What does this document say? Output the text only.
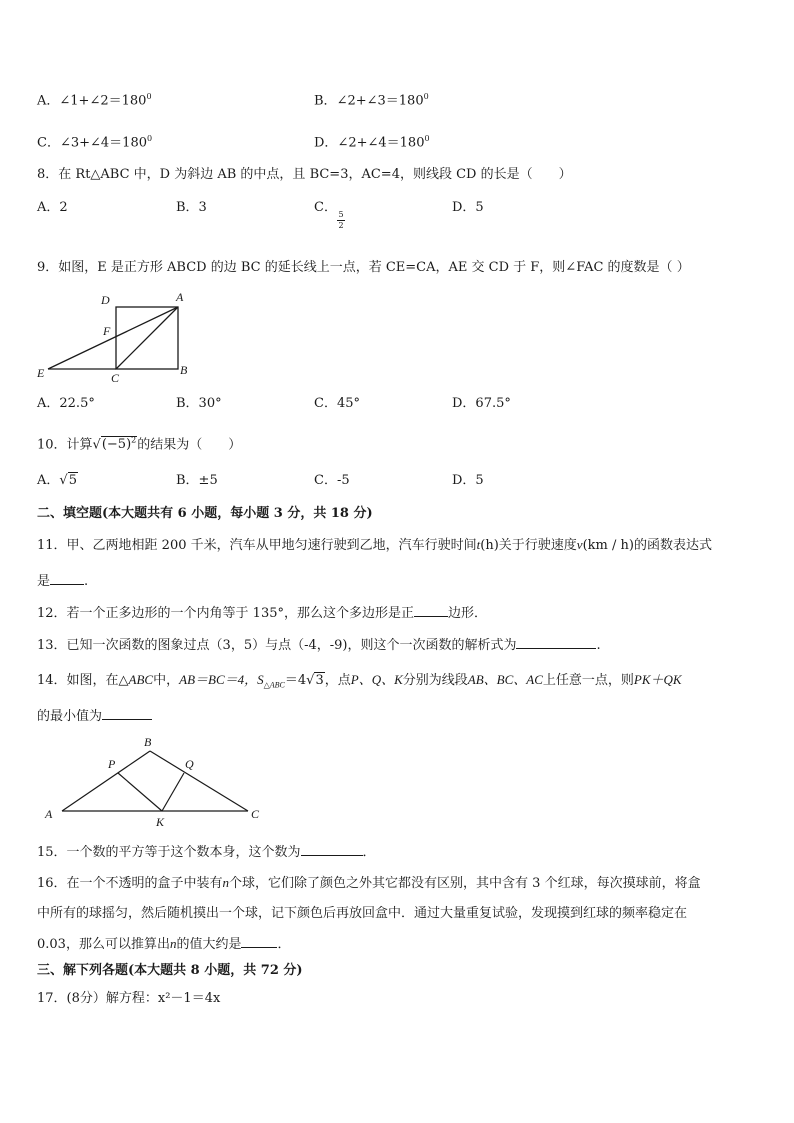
A．$\angle 1+\angle 2=180^0$	B．$\angle 2+\angle 3=180^0$
C．$\angle 3+\angle 4=180^0$	D．$\angle 2+\angle 4=180^0$
8．在 Rt△ABC 中，D 为斜边 AB 的中点，且 BC=3，AC=4，则线段 CD 的长是（　　）
A．2	B．3	C． 5
2
D．5
9．如图，E 是正方形 ABCD 的边 BC 的延长线上一点，若 CE=CA，AE 交 CD 于 F，则∠FAC 的度数是（ ）
A
D
F
B
C
E
A．22.5°	B．30°	C．45°	D．67.5°
10．计算$√(-5)^2$的结果为（　　）
A．√5	B．±5	C．-5	D．5
二、填空题(本大题共有 6 小题，每小题 3 分，共 18 分)
11．甲、乙两地相距 200 千米，汽车从甲地匀速行驶到乙地，汽车行驶时间t(h)关于行驶速度v(km / h)的函数表达式
是	.
12．若一个正多边形的一个内角等于 135°，那么这个多边形是正	边形．
13．已知一次函数的图象过点（3，5）与点（-4，-9)，则这个一次函数的解析式为	.
14．如图，在△ABC中，AB＝BC＝4，$S_{\triangle ABC}=4√3$，点P、Q、K分别为线段AB、BC、AC上任意一点，则PK＋QK
的最小值为
B
P	Q
A
K
C
15．一个数的平方等于这个数本身，这个数为	．
16．在一个不透明的盒子中装有n个球，它们除了颜色之外其它都没有区别，其中含有 3 个红球，每次摸球前，将盒
中所有的球摇匀，然后随机摸出一个球，记下颜色后再放回盒中．通过大量重复试验，发现摸到红球的频率稳定在
0.03，那么可以推算出n的值大约是	．
三、解下列各题(本大题共 8 小题，共 72 分)
17．(8分）解方程：x²－1＝4x
